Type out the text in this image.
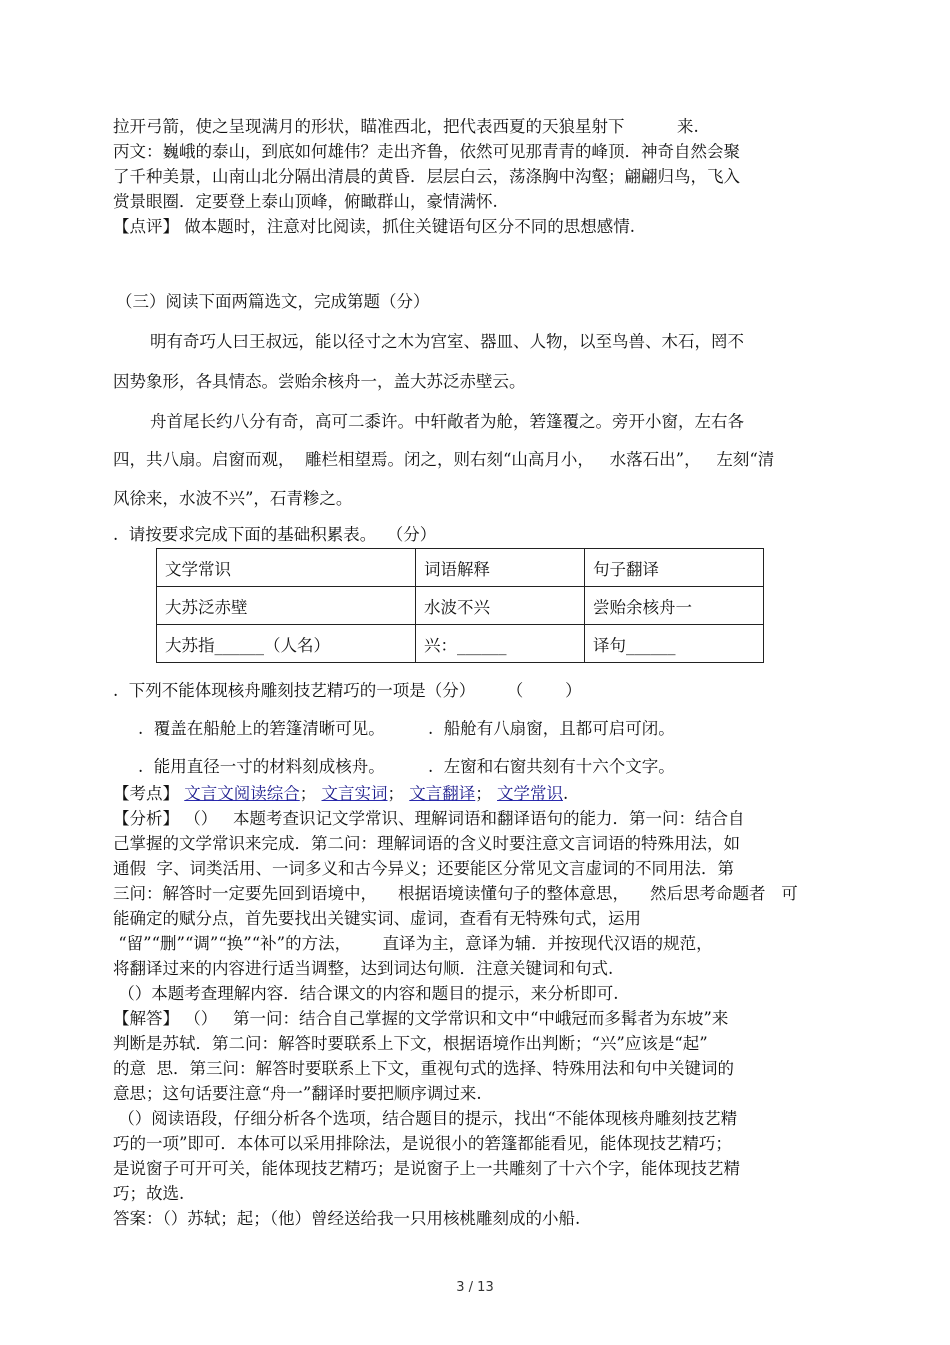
拉开弓箭，使之呈现满月的形状，瞄准西北，把代表西夏的天狼星射下          来.
丙文：巍峨的泰山，到底如何雄伟？走出齐鲁，依然可见那青青的峰顶．神奇自然会聚
了千种美景，山南山北分隔出清晨的黄昏．层层白云，荡涤胸中沟壑；翩翩归鸟，飞入
赏景眼圈．定要登上泰山顶峰，俯瞰群山，豪情满怀.
【点评】 做本题时，注意对比阅读，抓住关键语句区分不同的思想感情.
（三）阅读下面两篇选文，完成第题（分）
明有奇巧人曰王叔远，能以径寸之木为宫室、器皿、人物，以至鸟兽、木石，罔不
因势象形，各具情态。尝贻余核舟一，盖大苏泛赤壁云。
舟首尾长约八分有奇，高可二黍许。中轩敞者为舱，箬篷覆之。旁开小窗，左右各
四，共八扇。启窗而观，  雕栏相望焉。闭之，则右刻“山高月小，   水落石出”，   左刻“清
风徐来，水波不兴”，石青糁之。
.  请按要求完成下面的基础积累表。  （分）
文学常识	词语解释	句子翻译
大苏泛赤壁	水波不兴	尝贻余核舟一
大苏指______（人名）	兴：______	译句______
.  下列不能体现核舟雕刻技艺精巧的一项是（分）      （        ）
.  覆盖在船舱上的箬篷清晰可见。	.  船舱有八扇窗，且都可启可闭。
.  能用直径一寸的材料刻成核舟。	.  左窗和右窗共刻有十六个文字。
【考点】 文言文阅读综合； 文言实词； 文言翻译； 文学常识.
【分析】 （）   本题考查识记文学常识、理解词语和翻译语句的能力．第一问：结合自
己掌握的文学常识来完成．第二问：理解词语的含义时要注意文言词语的特殊用法，如
通假  字、词类活用、一词多义和古今异义；还要能区分常见文言虚词的不同用法．第
三问：解答时一定要先回到语境中，    根据语境读懂句子的整体意思，    然后思考命题者   可
能确定的赋分点，首先要找出关键实词、虚词，查看有无特殊句式，运用
“留”“删”“调”“换”“补”的方法，      直译为主，意译为辅．并按现代汉语的规范，
将翻译过来的内容进行适当调整，达到词达句顺．注意关键词和句式.
（）本题考查理解内容．结合课文的内容和题目的提示，来分析即可.
【解答】 （）   第一问：结合自己掌握的文学常识和文中“中峨冠而多髯者为东坡”来
判断是苏轼．第二问：解答时要联系上下文，根据语境作出判断；“兴”应该是“起”
的意  思．第三问：解答时要联系上下文，重视句式的选择、特殊用法和句中关键词的
意思；这句话要注意“舟一”翻译时要把顺序调过来.
（）阅读语段，仔细分析各个选项，结合题目的提示，找出“不能体现核舟雕刻技艺精
巧的一项”即可．本体可以采用排除法，是说很小的箬篷都能看见，能体现技艺精巧；
是说窗子可开可关，能体现技艺精巧；是说窗子上一共雕刻了十六个字，能体现技艺精
巧；故选.
答案：（）苏轼；起；（他）曾经送给我一只用核桃雕刻成的小船.
3 / 13
